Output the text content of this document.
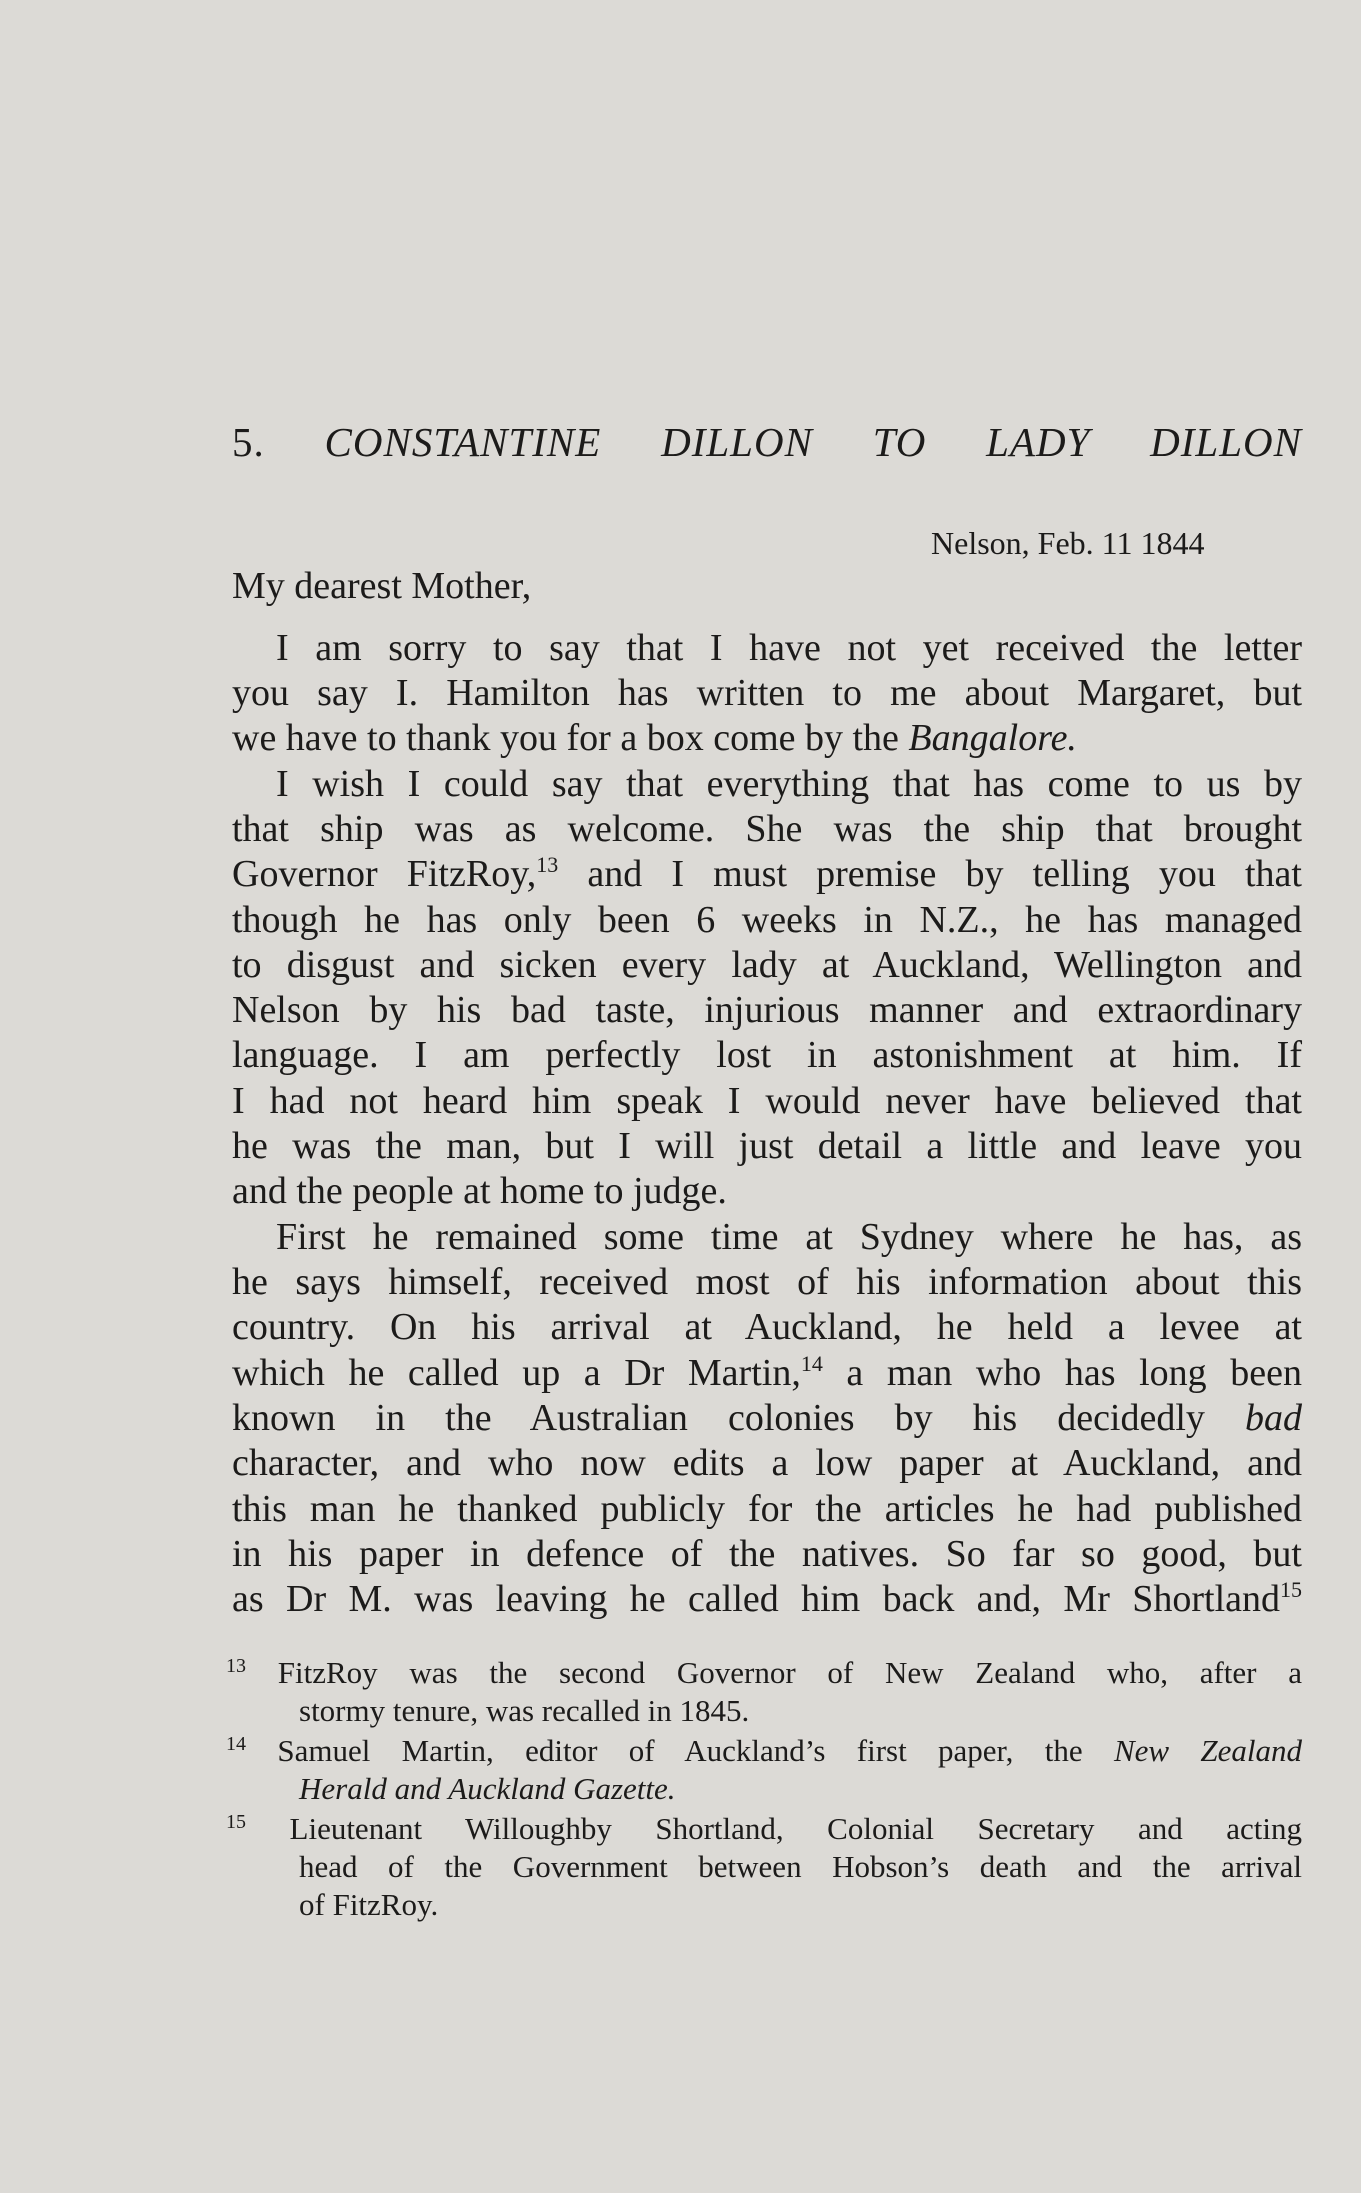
5. CONSTANTINE DILLON TO LADY DILLON
Nelson, Feb. 11 1844
My dearest Mother,
I am sorry to say that I have not yet received the letter
you say I. Hamilton has written to me about Margaret, but
we have to thank you for a box come by the Bangalore.
I wish I could say that everything that has come to us by
that ship was as welcome. She was the ship that brought
Governor FitzRoy,$^{13}$ and I must premise by telling you that
though he has only been 6 weeks in N.Z., he has managed
to disgust and sicken every lady at Auckland, Wellington and
Nelson by his bad taste, injurious manner and extraordinary
language. I am perfectly lost in astonishment at him. If
I had not heard him speak I would never have believed that
he was the man, but I will just detail a little and leave you
and the people at home to judge.
First he remained some time at Sydney where he has, as
he says himself, received most of his information about this
country. On his arrival at Auckland, he held a levee at
which he called up a Dr Martin,$^{14}$ a man who has long been
known in the Australian colonies by his decidedly bad
character, and who now edits a low paper at Auckland, and
this man he thanked publicly for the articles he had published
in his paper in defence of the natives. So far so good, but
as Dr M. was leaving he called him back and, Mr Shortland$^{15}$
$^{13}$ FitzRoy was the second Governor of New Zealand who, after a
stormy tenure, was recalled in 1845.
$^{14}$ Samuel Martin, editor of Auckland’s first paper, the New Zealand
Herald and Auckland Gazette.
$^{15}$ Lieutenant Willoughby Shortland, Colonial Secretary and acting
head of the Government between Hobson’s death and the arrival
of FitzRoy.
